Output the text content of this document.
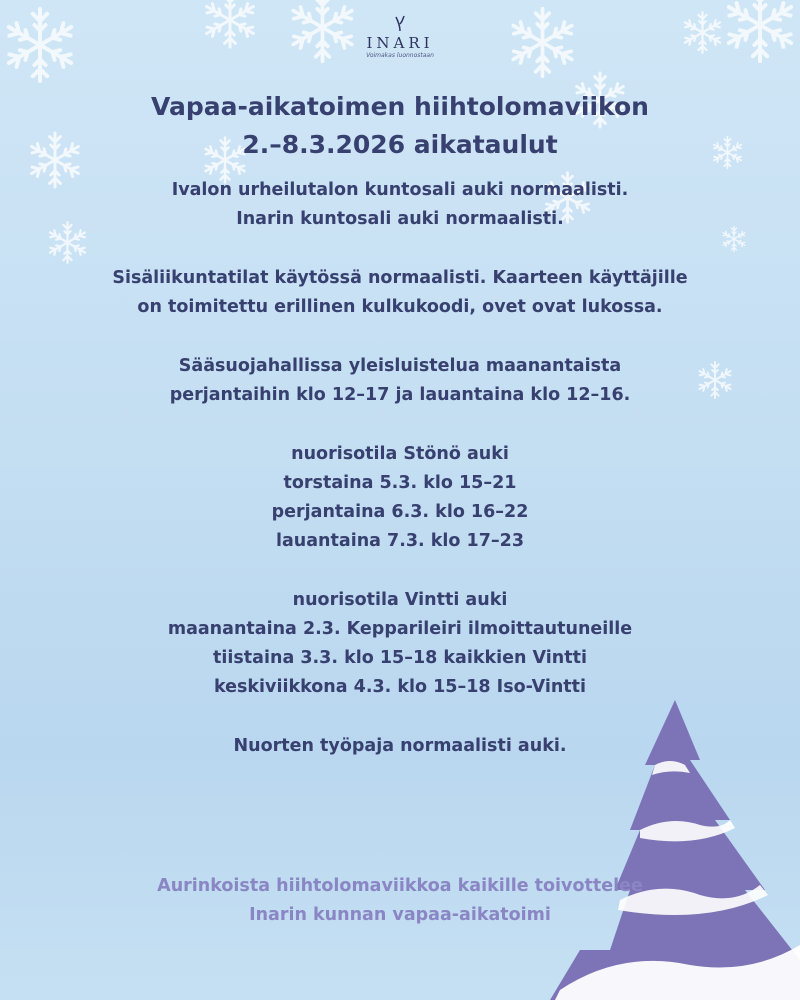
INARI
Voimakas luonnostaan
Vapaa-aikatoimen hiihtolomaviikon
2.–8.3.2026 aikataulut
Ivalon urheilutalon kuntosali auki normaalisti.
Inarin kuntosali auki normaalisti.
Sisäliikuntatilat käytössä normaalisti. Kaarteen käyttäjille
on toimitettu erillinen kulkukoodi, ovet ovat lukossa.
Sääsuojahallissa yleisluistelua maanantaista
perjantaihin klo 12–17 ja lauantaina klo 12–16.
nuorisotila Stönö auki
torstaina 5.3. klo 15–21
perjantaina 6.3. klo 16–22
lauantaina 7.3. klo 17–23
nuorisotila Vintti auki
maanantaina 2.3. Kepparileiri ilmoittautuneille
tiistaina 3.3. klo 15–18 kaikkien Vintti
keskiviikkona 4.3. klo 15–18 Iso-Vintti
Nuorten työpaja normaalisti auki.
Aurinkoista hiihtolomaviikkoa kaikille toivottelee
Inarin kunnan vapaa-aikatoimi
